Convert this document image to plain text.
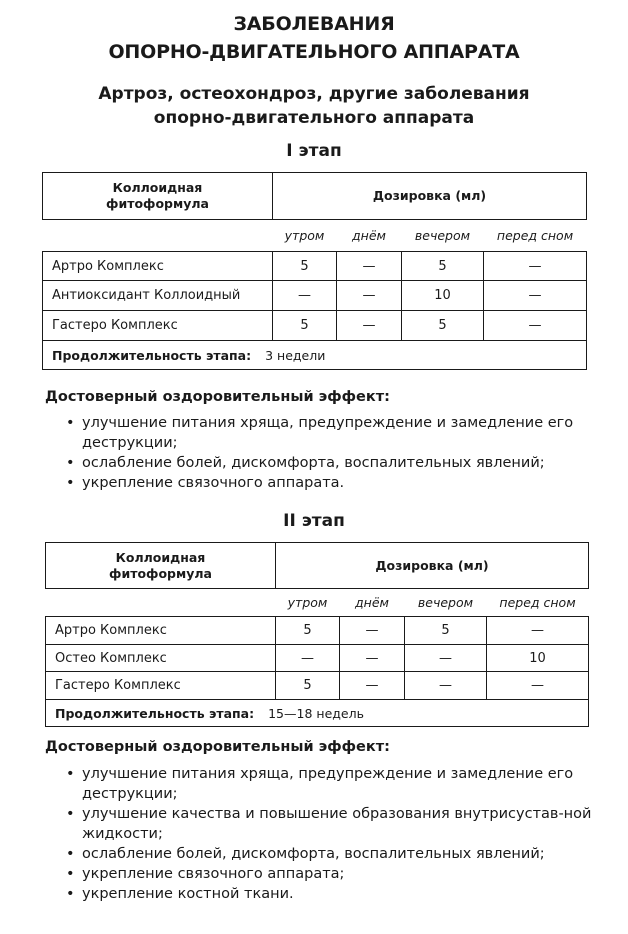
ЗАБОЛЕВАНИЯ
ОПОРНО-ДВИГАТЕЛЬНОГО АППАРАТА
Артроз, остеохондроз, другие заболевания
опорно-двигательного аппарата
I этап
Коллоидная
фитоформула	Дозировка (мл)			
	утром	днём	вечером	перед сном
Артро Комплекс	5	—	5	—
Антиоксидант Коллоидный	—	—	10	—
Гастеро Комплекс	5	—	5	—
Продолжительность этапа: 3 недели				
Достоверный оздоровительный эффект:
• улучшение питания хряща, предупреждение и замедление его деструкции;
• ослабление болей, дискомфорта, воспалительных явлений;
• укрепление связочного аппарата.
II этап
Коллоидная
фитоформула	Дозировка (мл)			
	утром	днём	вечером	перед сном
Артро Комплекс	5	—	5	—
Остео Комплекс	—	—	—	10
Гастеро Комплекс	5	—	—	—
Продолжительность этапа: 15—18 недель				
Достоверный оздоровительный эффект:
• улучшение питания хряща, предупреждение и замедление его деструкции;
• улучшение качества и повышение образования внутрисустав-ной жидкости;
• ослабление болей, дискомфорта, воспалительных явлений;
• укрепление связочного аппарата;
• укрепление костной ткани.
